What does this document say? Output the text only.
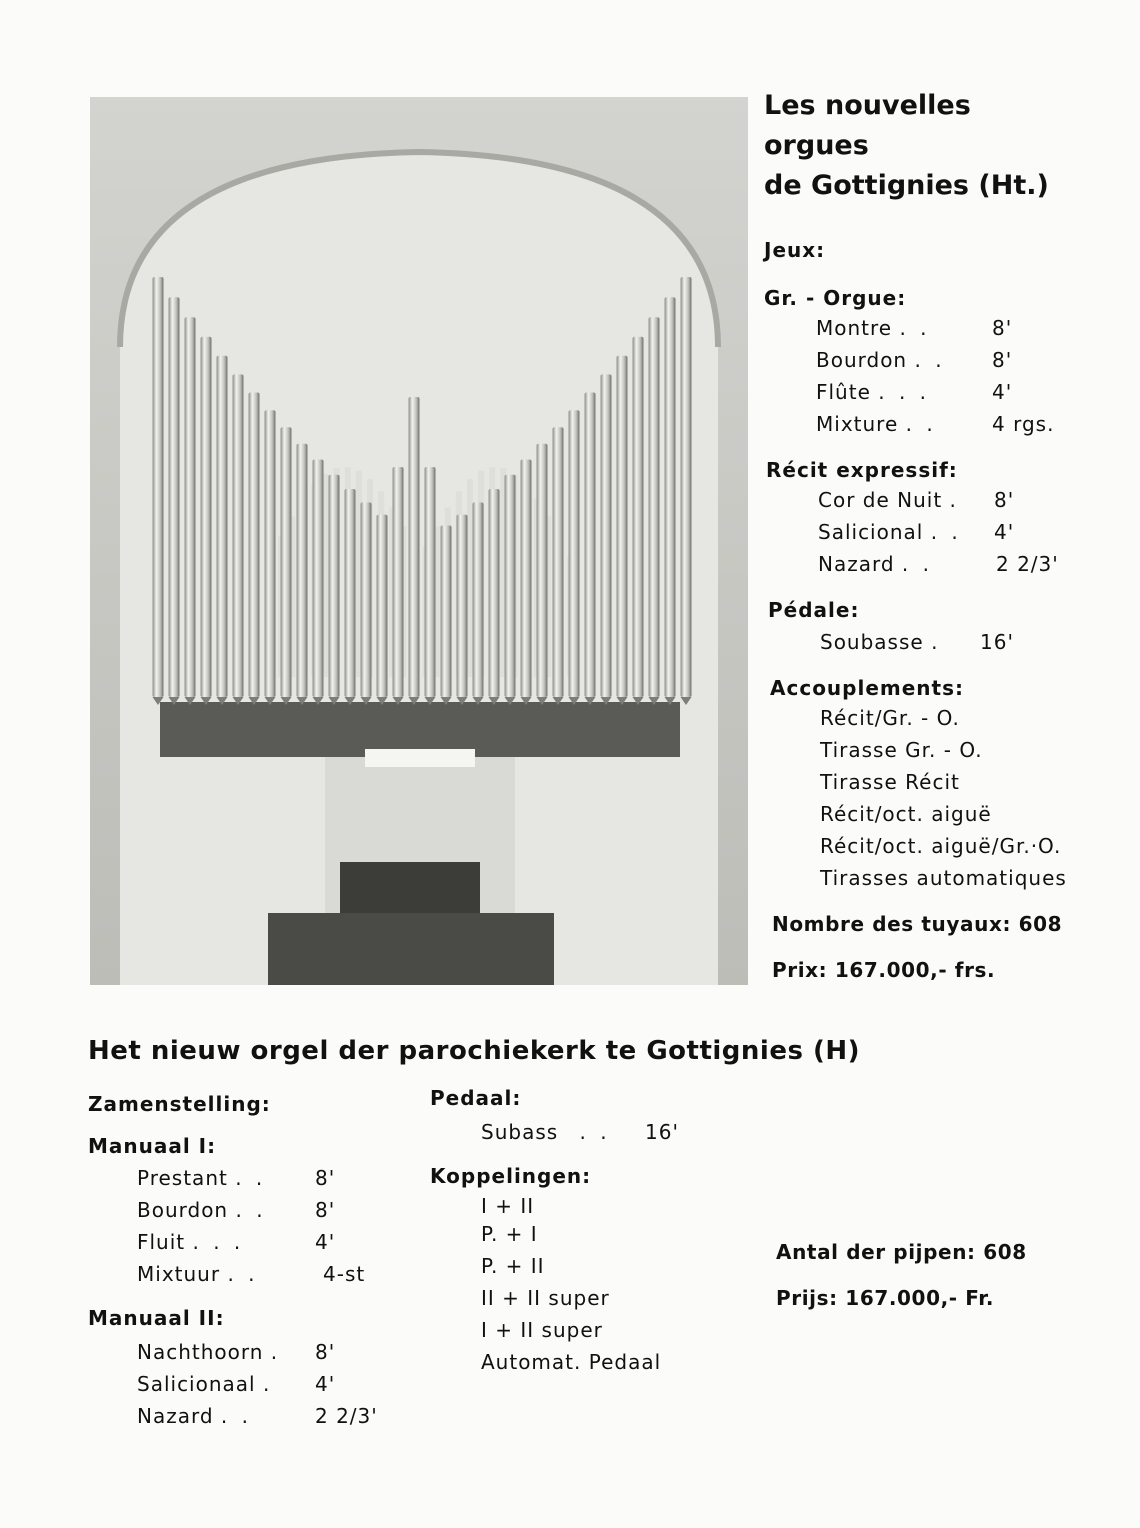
Les nouvelles
orgues
de Gottignies (Ht.)
Jeux:
Gr. - Orgue:
Montre . .	8'
Bourdon . . 8'
Flûte . . .	4'
Mixture . .	4 rgs.
Récit expressif:
Cor de Nuit . 8'
Salicional . . 4'
Nazard . .	2 2/3'
Pédale:
Soubasse . 16'
Accouplements:
Récit/Gr. - O.
Tirasse Gr. - O.
Tirasse Récit
Récit/oct. aiguë
Récit/oct. aiguë/Gr.·O.
Tirasses automatiques
Nombre des tuyaux: 608
Prix: 167.000,- frs.
Het nieuw orgel der parochiekerk te Gottignies (H)
Zamenstelling:
Manuaal I:
Prestant . . 8'
Bourdon . . 8'
Fluit . . .	4'
Mixtuur . .	4-st
Manuaal II:
Nachthoorn . 8'
Salicionaal . 4'
Nazard . .	2 2/3'
Pedaal:
Subass . . 16'
Koppelingen:
I + II
P. + I
P. + II
II + II super
I + II super
Automat. Pedaal
Antal der pijpen: 608
Prijs: 167.000,- Fr.
